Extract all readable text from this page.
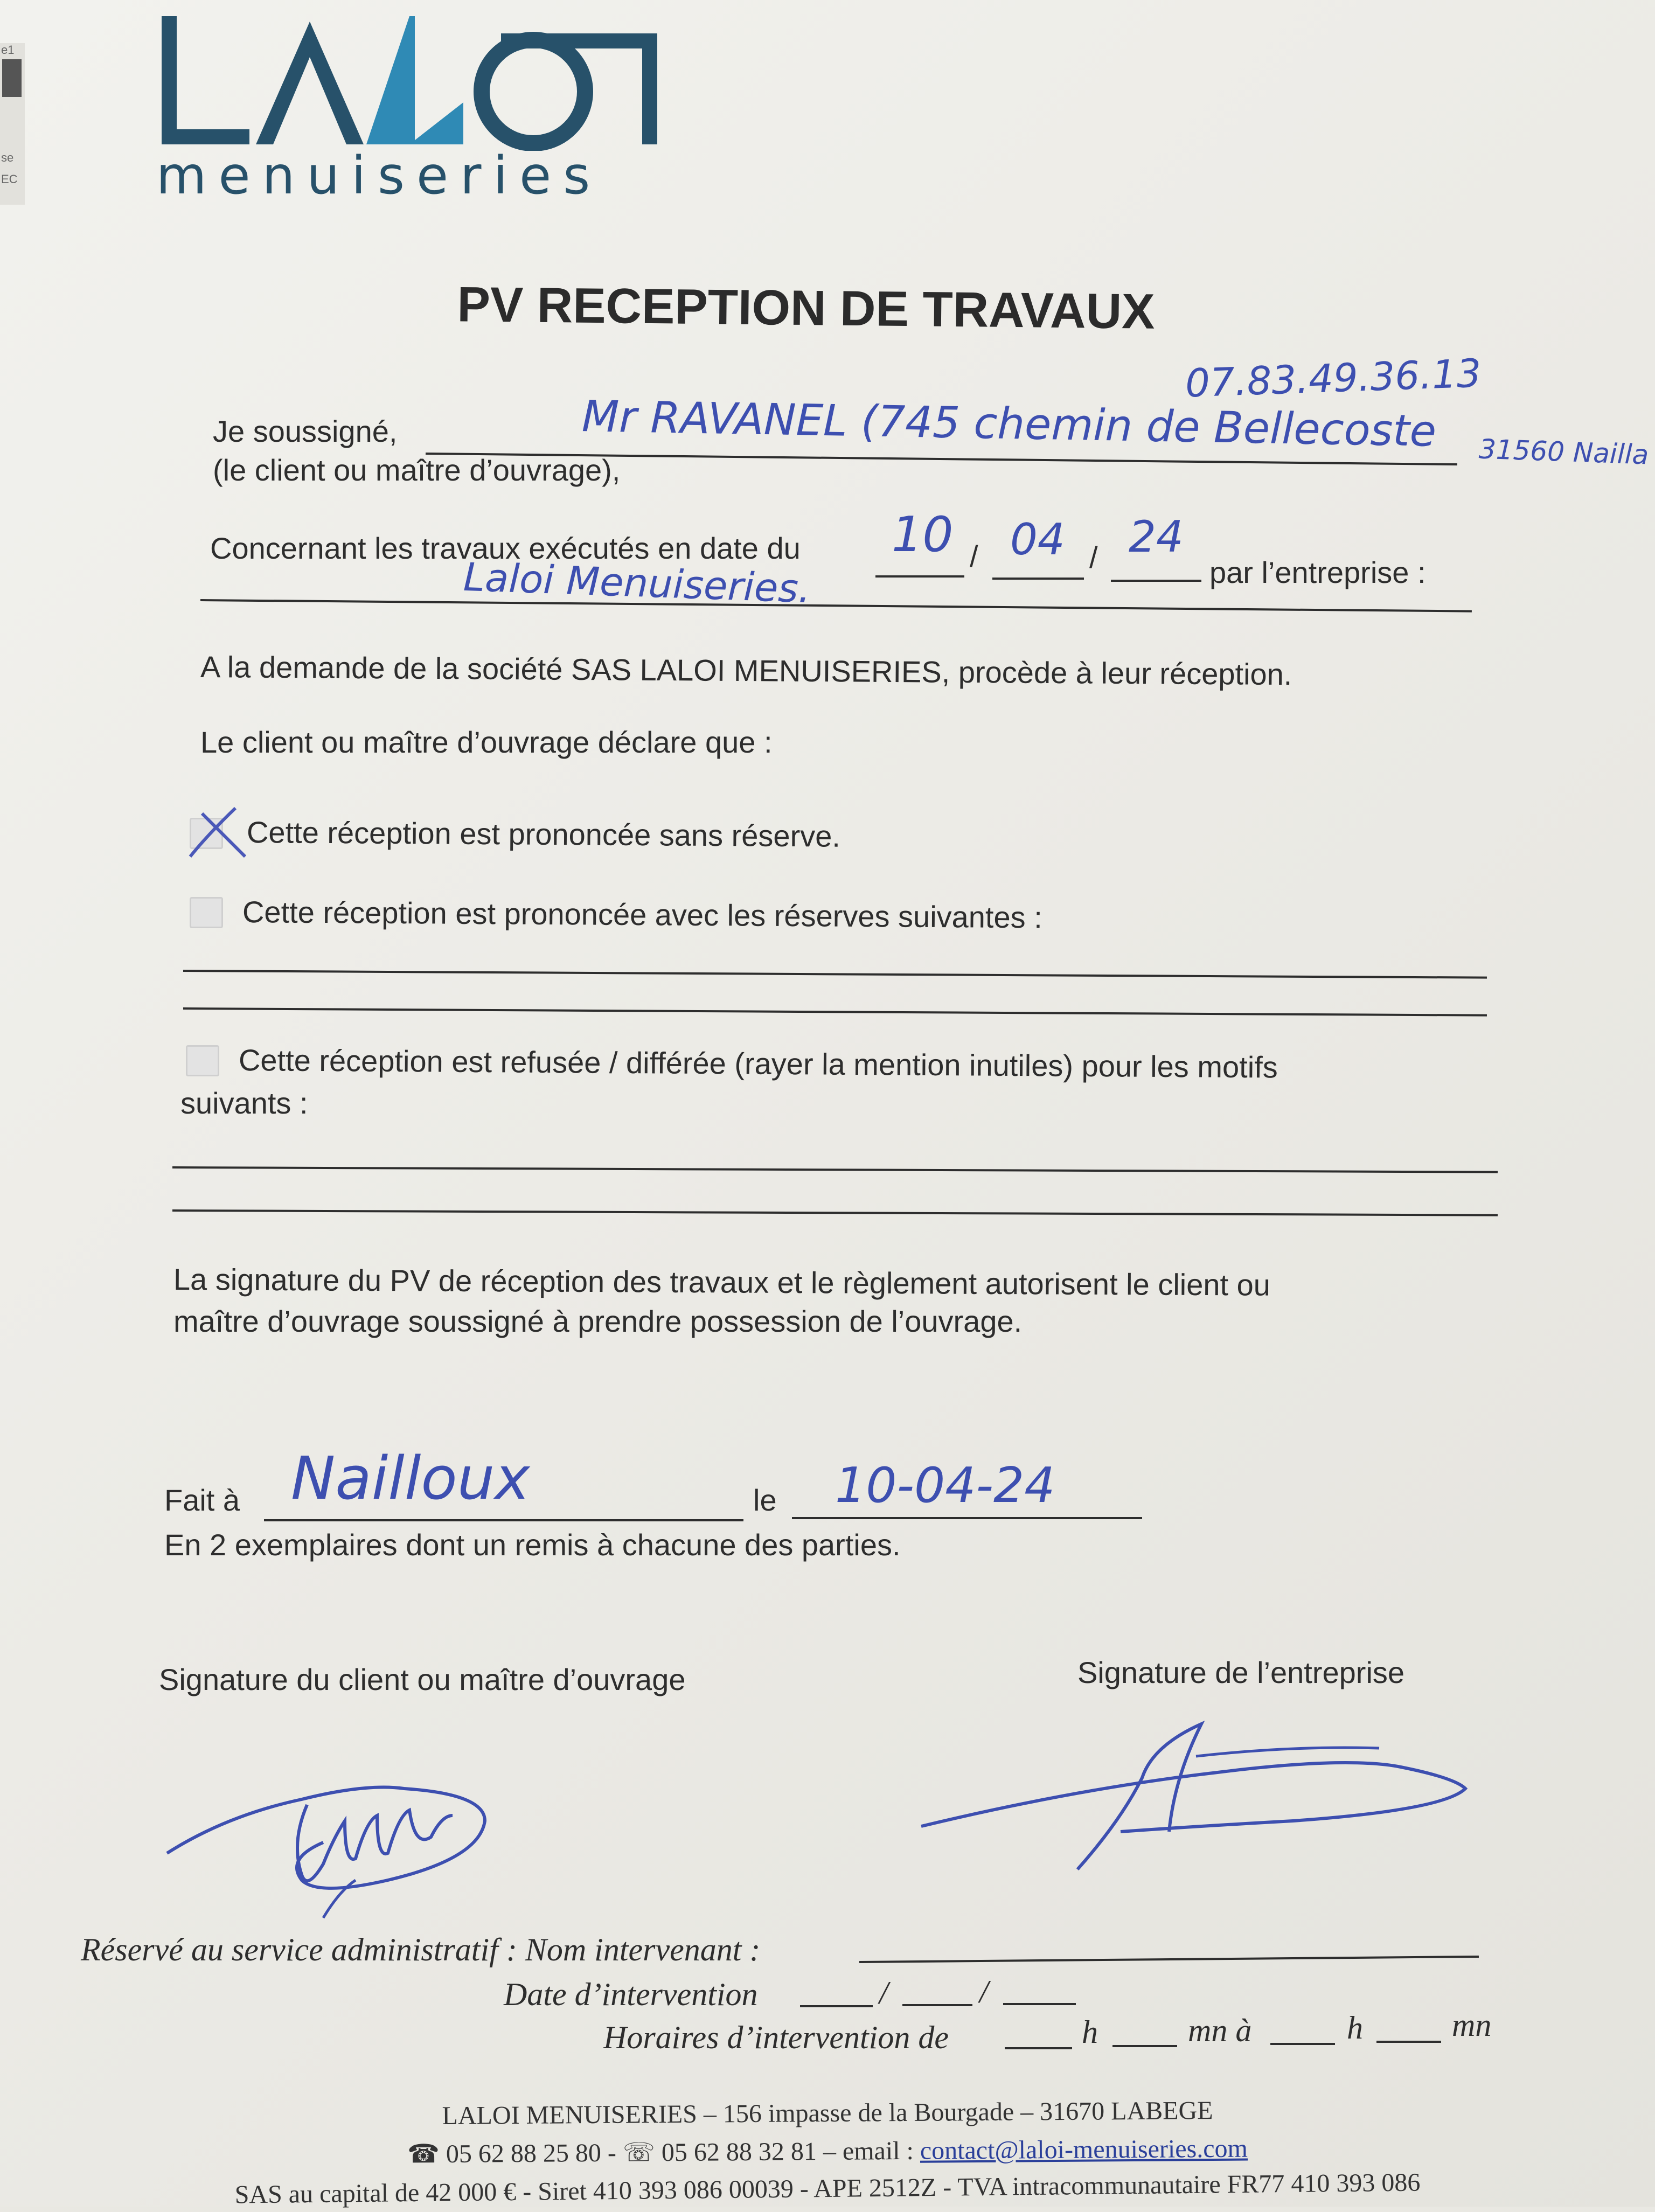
e1
se
EC	menuiseries
PV RECEPTION DE TRAVAUX
07.83.49.36.13
Je soussigné,	Mr RAVANEL (745 chemin de Bellecoste 31560 Nailla
(le client ou maître d’ouvrage),
Concernant les travaux exécutés en date du 10 / 04 / 24
par l’entreprise :
Laloi Menuiseries.
A la demande de la société SAS LALOI MENUISERIES, procède à leur réception.
Le client ou maître d’ouvrage déclare que :
Cette réception est prononcée sans réserve.
Cette réception est prononcée avec les réserves suivantes :
Cette réception est refusée / différée (rayer la mention inutiles) pour les motifs
suivants :
La signature du PV de réception des travaux et le règlement autorisent le client ou
maître d’ouvrage soussigné à prendre possession de l’ouvrage.
Fait à Nailloux	le 10-04-24
En 2 exemplaires dont un remis à chacune des parties.
Signature du client ou maître d’ouvrage	Signature de l’entreprise
Réservé au service administratif : Nom intervenant :
Date d’intervention	/	/
Horaires d’intervention de	h	mn à	h	mn
LALOI MENUISERIES – 156 impasse de la Bourgade – 31670 LABEGE
☎ 05 62 88 25 80 - ☏ 05 62 88 32 81 – email : contact@laloi-menuiseries.com
SAS au capital de 42 000 € - Siret 410 393 086 00039 - APE 2512Z - TVA intracommunautaire FR77 410 393 086
